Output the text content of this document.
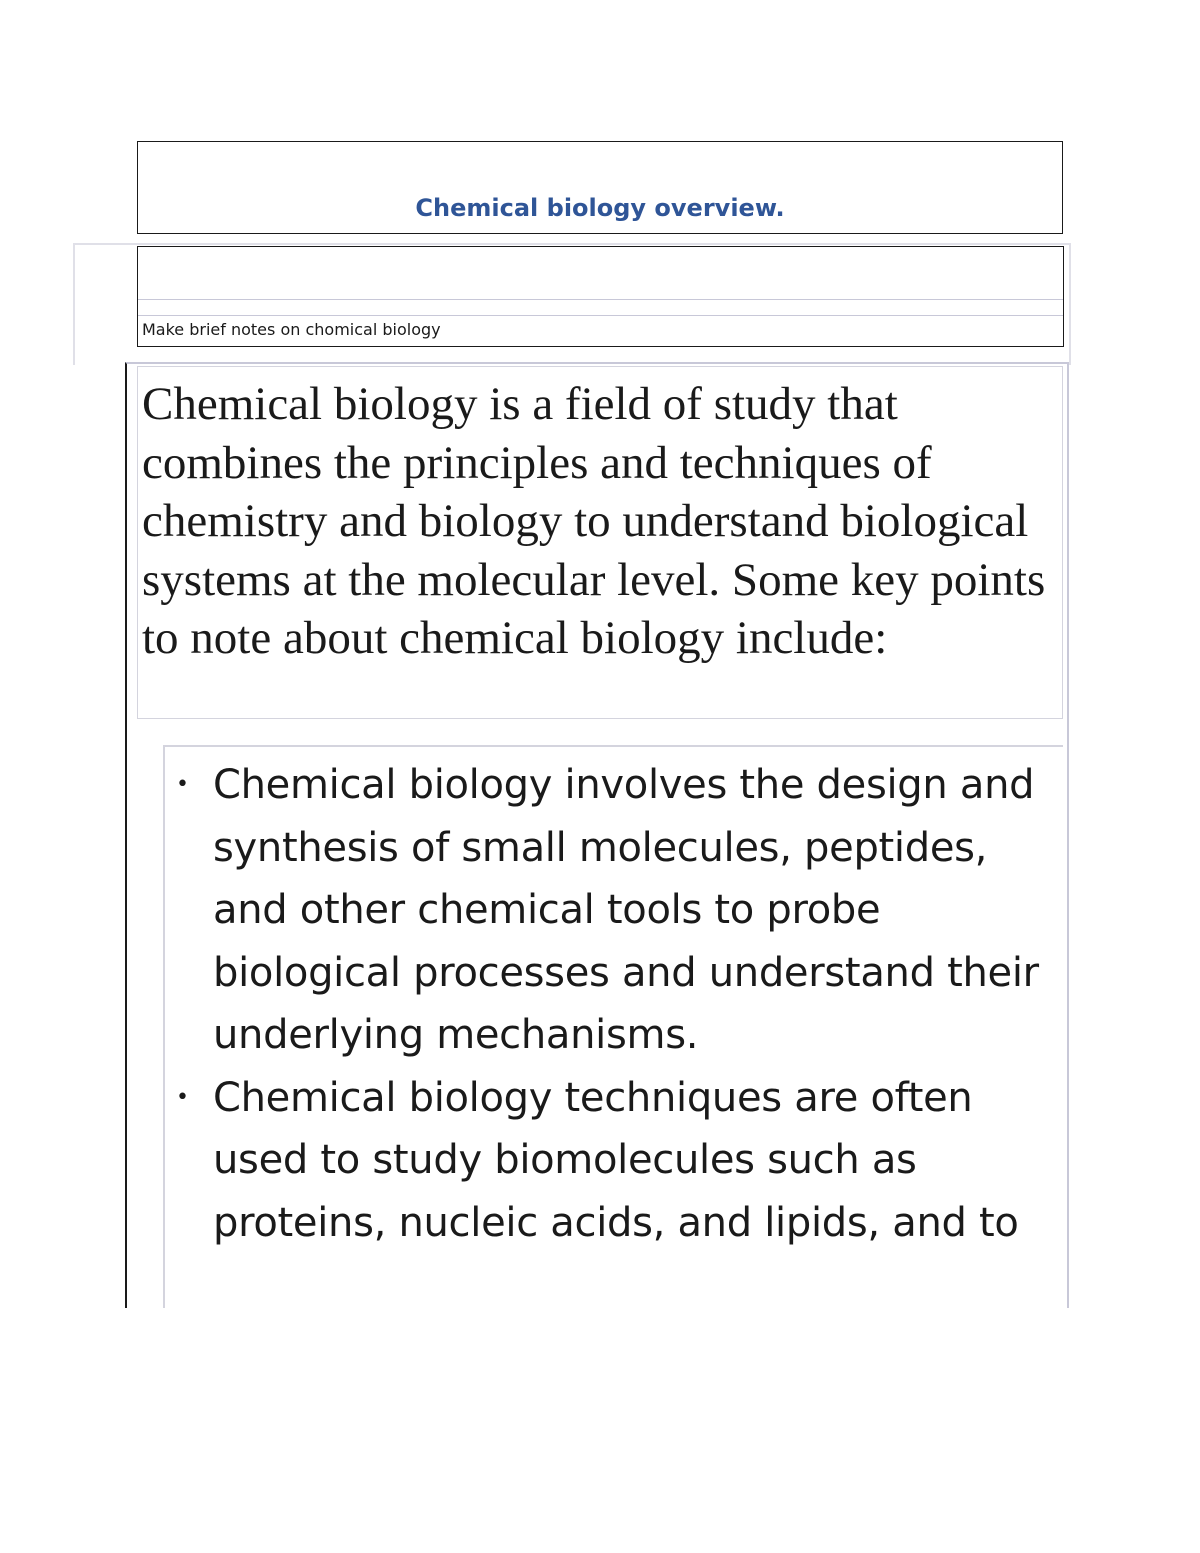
Chemical biology overview.
Make brief notes on chomical biology

Chemical biology is a field of study that combines the principles and techniques of chemistry and biology to understand biological systems at the molecular level. Some key points to note about chemical biology include:

• Chemical biology involves the design and synthesis of small molecules, peptides, and other chemical tools to probe biological processes and understand their underlying mechanisms.
• Chemical biology techniques are often used to study biomolecules such as proteins, nucleic acids, and lipids, and to
